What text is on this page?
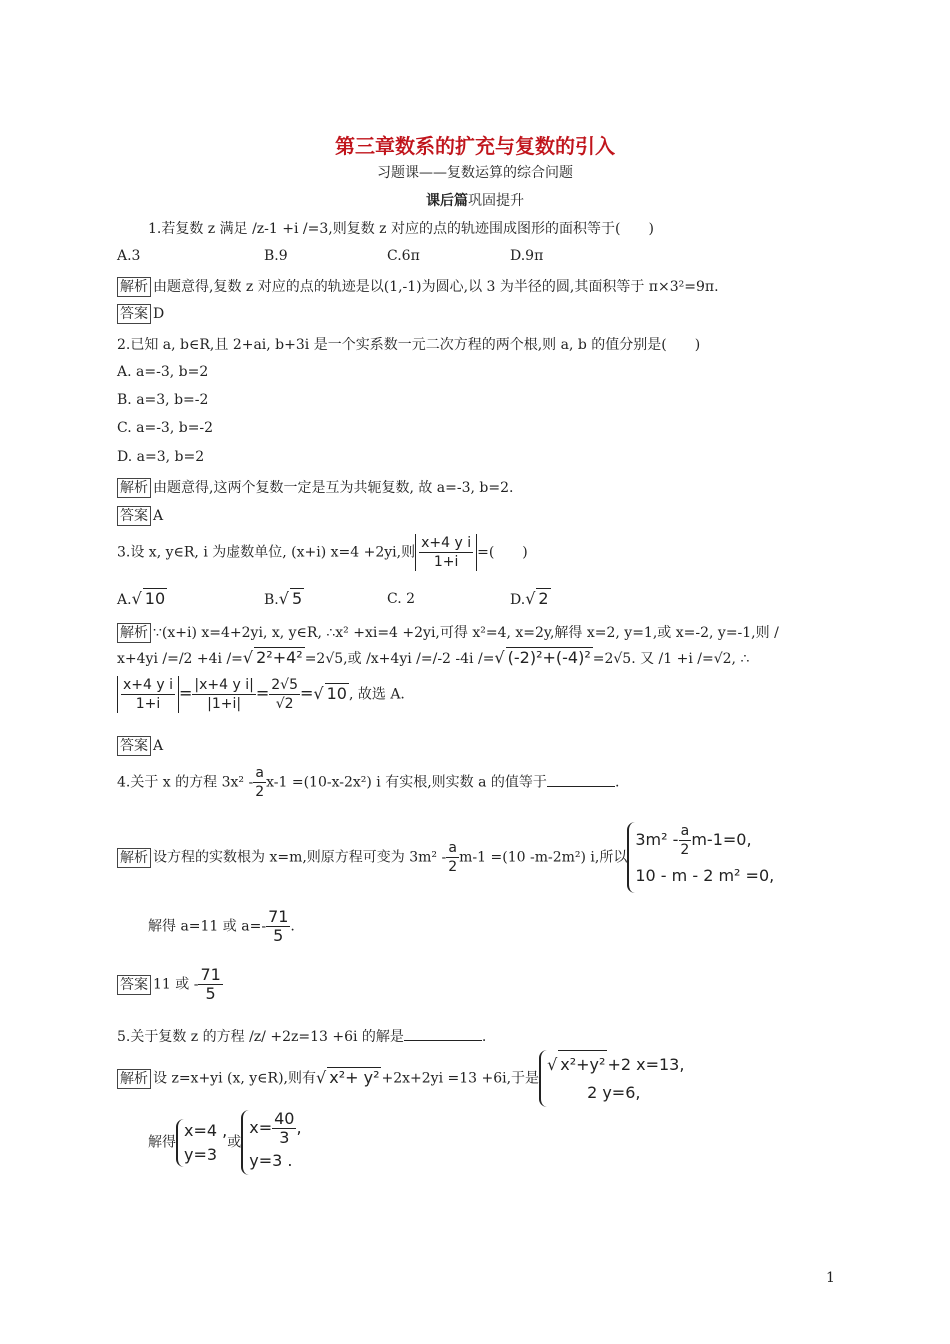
第三章数系的扩充与复数的引入
习题课——复数运算的综合问题
课后篇巩固提升
1.若复数 z 满足 /z-1 +i /=3,则复数 z 对应的点的轨迹围成图形的面积等于(　　)
A.3	B.9	C.6π	D.9π
解析 由题意得,复数 z 对应的点的轨迹是以(1,-1)为圆心,以 3 为半径的圆,其面积等于 π×3²=9π.
答案 D
2.已知 a, b∈R,且 2+ai, b+3i 是一个实系数一元二次方程的两个根,则 a, b 的值分别是(　　)
A. a=-3, b=2
B. a=3, b=-2
C. a=-3, b=-2
D. a=3, b=2
解析 由题意得,这两个复数一定是互为共轭复数, 故 a=-3, b=2.
答案 A
3.设 x, y∈R, i 为虚数单位, (x+i) x=4 +2yi,则 $\frac{\text{x+4 y i}}{1+i}$ =(　　)
A.√ 10	B.√ 5	C. 2	D.√ 2
解析 ∵(x+i) x=4+2yi, x, y∈R, ∴x² +xi=4 +2yi,可得 x²=4, x=2y,解得 x=2, y=1,或 x=-2, y=-1,则 /
x+4yi /=/2 +4i /=√ 2²+4² =2√5,或 /x+4yi /=/-2 -4i /=√ (-2)²+(-4)² =2√5. 又 /1 +i /=√2, ∴
$\frac{\text{x+4 y i}}{1+i} = \frac{\text{|x+4 y i|}}{|1+i|} = \frac{2√5}{√2}$ =√ 10 , 故选 A.
答案 A
4.关于 x 的方程 $3x^2 - \frac{a}{2} x-1 =(10-x-2x^2)$ i 有实根,则实数 a 的值等于	.
解析 设方程的实数根为 x=m,则原方程可变为 $3m^2 - \frac{a}{2} m-1 =(10$ -m-2m²) i,所以
$3m^2 - \frac{a}{2} m-1=0$,
10 - m - 2 m² =0,
解得 a=11 或 $a=- \frac{71}{5}$ .
答案 11 或 - $\frac{71}{5}$
5.关于复数 z 的方程 /z/ +2z=13 +6i 的解是	.
解析 设 z=x+yi (x, y∈R),则有√ x²+ y² +2x+2yi =13 +6i,于是
√ x²+y² +2 x=13,
2 y=6,
解得
x=4 ,
y=3
或
$x= \frac{40}{3}$ ,
y=3 .
1
